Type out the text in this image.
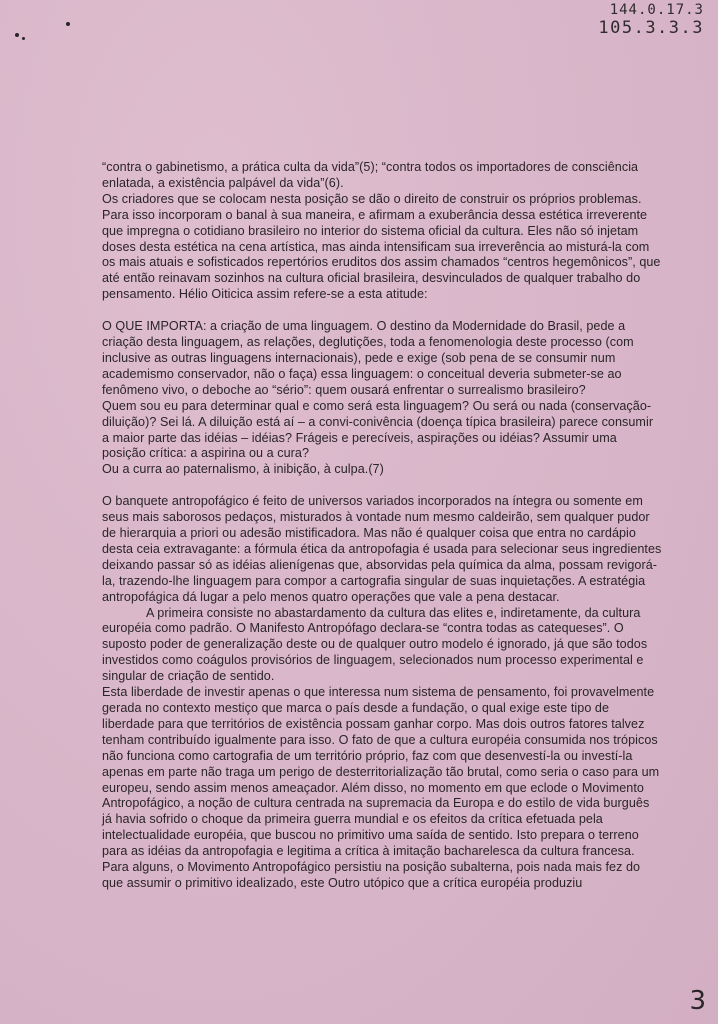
144.0.17.3
105.3.3.3

“contra o gabinetismo, a prática culta da vida”(5); “contra todos os importadores de consciência enlatada, a existência palpável da vida”(6).

Os criadores que se colocam nesta posição se dão o direito de construir os próprios problemas. Para isso incorporam o banal à sua maneira, e afirmam a exuberância dessa estética irreverente que impregna o cotidiano brasileiro no interior do sistema oficial da cultura. Eles não só injetam doses desta estética na cena artística, mas ainda intensificam sua irreverência ao misturá-la com os mais atuais e sofisticados repertórios eruditos dos assim chamados “centros hegemônicos”, que até então reinavam sozinhos na cultura oficial brasileira, desvinculados de qualquer trabalho do pensamento. Hélio Oiticica assim refere-se a esta atitude:

O QUE IMPORTA: a criação de uma linguagem. O destino da Modernidade do Brasil, pede a criação desta linguagem, as relações, deglutições, toda a fenomenologia deste processo (com inclusive as outras linguagens internacionais), pede e exige (sob pena de se consumir num academismo conservador, não o faça) essa linguagem: o conceitual deveria submeter-se ao fenômeno vivo, o deboche ao “sério”: quem ousará enfrentar o surrealismo brasileiro?

Quem sou eu para determinar qual e como será esta linguagem? Ou será ou nada (conservação-diluição)? Sei lá. A diluição está aí – a convi-conivência (doença típica brasileira) parece consumir a maior parte das idéias – idéias? Frágeis e perecíveis, aspirações ou idéias? Assumir uma posição crítica: a aspirina ou a cura?

Ou a curra ao paternalismo, à inibição, à culpa.(7)

O banquete antropofágico é feito de universos variados incorporados na íntegra ou somente em seus mais saborosos pedaços, misturados à vontade num mesmo caldeirão, sem qualquer pudor de hierarquia a priori ou adesão mistificadora. Mas não é qualquer coisa que entra no cardápio desta ceia extravagante: a fórmula ética da antropofagia é usada para selecionar seus ingredientes deixando passar só as idéias alienígenas que, absorvidas pela química da alma, possam revigorá-la, trazendo-lhe linguagem para compor a cartografia singular de suas inquietações. A estratégia antropofágica dá lugar a pelo menos quatro operações que vale a pena destacar.

A primeira consiste no abastardamento da cultura das elites e, indiretamente, da cultura européia como padrão. O Manifesto Antropófago declara-se “contra todas as catequeses”. O suposto poder de generalização deste ou de qualquer outro modelo é ignorado, já que são todos investidos como coágulos provisórios de linguagem, selecionados num processo experimental e singular de criação de sentido.

Esta liberdade de investir apenas o que interessa num sistema de pensamento, foi provavelmente gerada no contexto mestiço que marca o país desde a fundação, o qual exige este tipo de liberdade para que territórios de existência possam ganhar corpo. Mas dois outros fatores talvez tenham contribuído igualmente para isso. O fato de que a cultura européia consumida nos trópicos não funciona como cartografia de um território próprio, faz com que desenvestí-la ou investí-la apenas em parte não traga um perigo de desterritorialização tão brutal, como seria o caso para um europeu, sendo assim menos ameaçador. Além disso, no momento em que eclode o Movimento Antropofágico, a noção de cultura centrada na supremacia da Europa e do estilo de vida burguês já havia sofrido o choque da primeira guerra mundial e os efeitos da crítica efetuada pela intelectualidade européia, que buscou no primitivo uma saída de sentido. Isto prepara o terreno para as idéias da antropofagia e legitima a crítica à imitação bacharelesca da cultura francesa.

Para alguns, o Movimento Antropofágico persistiu na posição subalterna, pois nada mais fez do que assumir o primitivo idealizado, este Outro utópico que a crítica européia produziu

3
